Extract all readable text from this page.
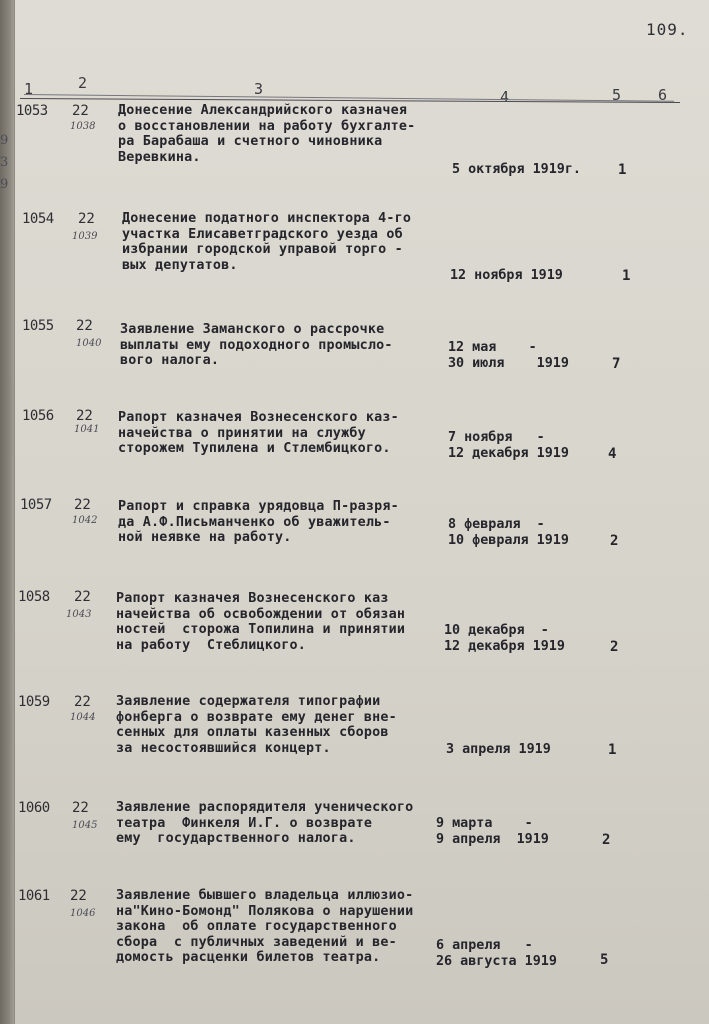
109.
1	2	3	4	5 6
9
3
9
1053 22
1038
Донесение Александрийского казначея
о восстановлении на работу бухгалте-
ра Барабаша и счетного чиновника
Веревкина.
5 октября 1919г.	1
1054 22
1039
Донесение податного инспектора 4-го
участка Елисаветградского уезда об
избрании городской управой торго -
вых депутатов.
12 ноября 1919	1
1055 22
1040
Заявление Заманского о рассрочке
выплаты ему подоходного промысло-
вого налога.
12 мая    -
30 июля    1919	7
1056 22
1041
Рапорт казначея Вознесенского каз-
начейства о принятии на службу
сторожем Тупилена и Стлембицкого.
7 ноября   -
12 декабря 1919	4
1057 22
1042
Рапорт и справка урядовца П-разря-
да А.Ф.Письманченко об уважитель-
ной неявке на работу.
8 февраля  -
10 февраля 1919	2
1058 22
1043
Рапорт казначея Вознесенского каз
начейства об освобождении от обязан
ностей  сторожа Топилина и принятии
на работу  Стеблицкого.
10 декабря  -
12 декабря 1919	2
1059 22
1044
Заявление содержателя типографии
фонберга о возврате ему денег вне-
сенных для оплаты казенных сборов
за несостоявшийся концерт.	3 апреля 1919	1
1060 22
1045
Заявление распорядителя ученического
театра  Финкеля И.Г. о возврате
ему  государственного налога.
9 марта    -
9 апреля  1919	2
1061 22
1046
Заявление бывшего владельца иллюзио-
на"Кино-Бомонд" Полякова о нарушении
закона  об оплате государственнoго
сбора  с публичных заведений и ве-
домость расценки билетов театра.
6 апреля   -
26 августа 1919	5
